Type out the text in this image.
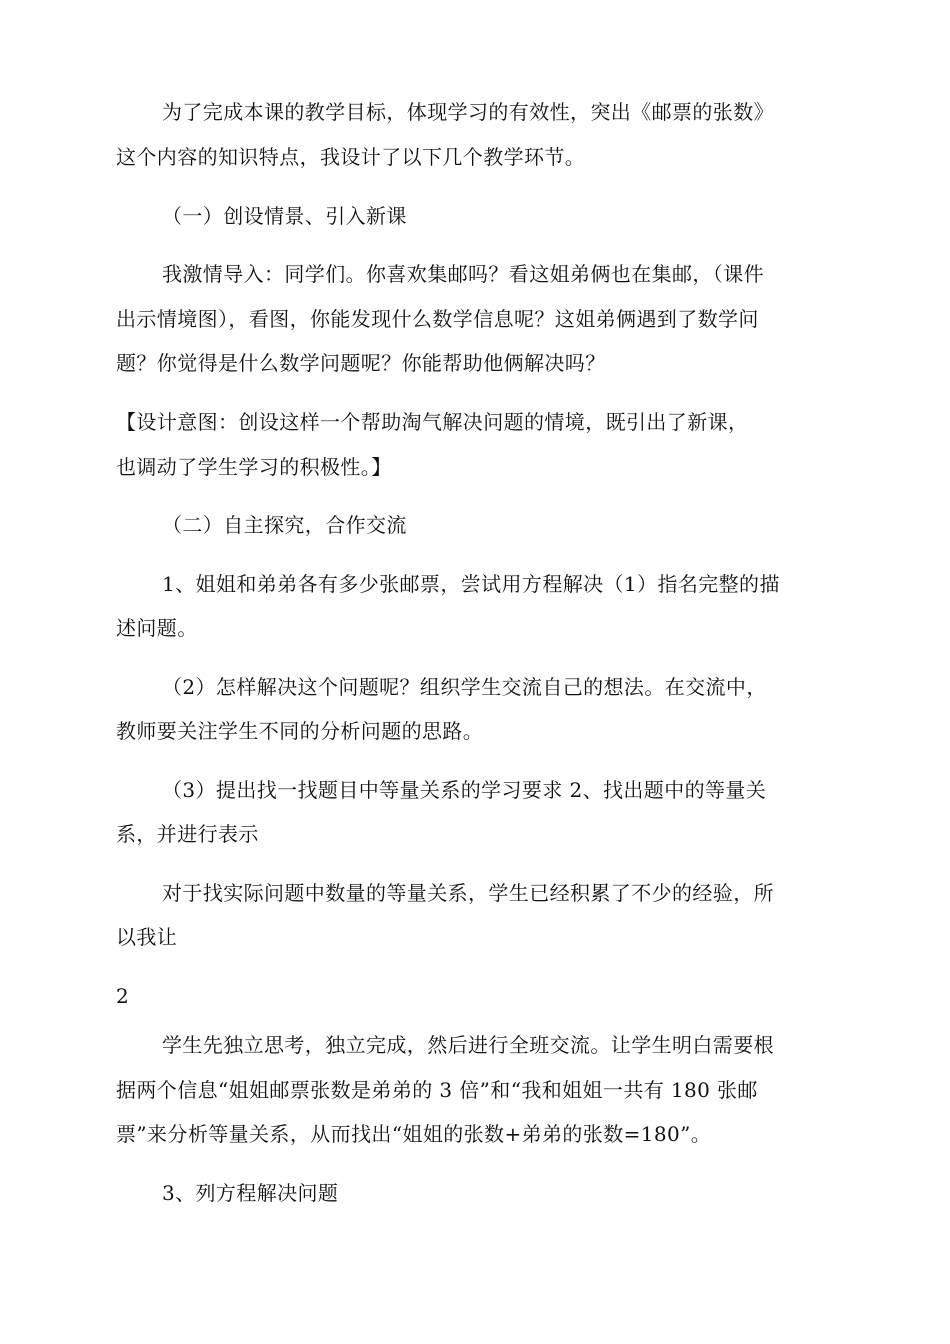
为了完成本课的教学目标，体现学习的有效性，突出《邮票的张数》
这个内容的知识特点，我设计了以下几个教学环节。
（一）创设情景、引入新课
我激情导入：同学们。你喜欢集邮吗？看这姐弟俩也在集邮，（课件
出示情境图），看图，你能发现什么数学信息呢？这姐弟俩遇到了数学问
题？你觉得是什么数学问题呢？你能帮助他俩解决吗？
【设计意图：创设这样一个帮助淘气解决问题的情境，既引出了新课，
也调动了学生学习的积极性。】
（二）自主探究，合作交流
1、姐姐和弟弟各有多少张邮票，尝试用方程解决（1）指名完整的描
述问题。
（2）怎样解决这个问题呢？组织学生交流自己的想法。在交流中，
教师要关注学生不同的分析问题的思路。
（3）提出找一找题目中等量关系的学习要求 2、找出题中的等量关
系，并进行表示
对于找实际问题中数量的等量关系，学生已经积累了不少的经验，所
以我让
2
学生先独立思考，独立完成，然后进行全班交流。让学生明白需要根
据两个信息“姐姐邮票张数是弟弟的 3 倍”和“我和姐姐一共有 180 张邮
票”来分析等量关系，从而找出“姐姐的张数+弟弟的张数=180”。
3、列方程解决问题
